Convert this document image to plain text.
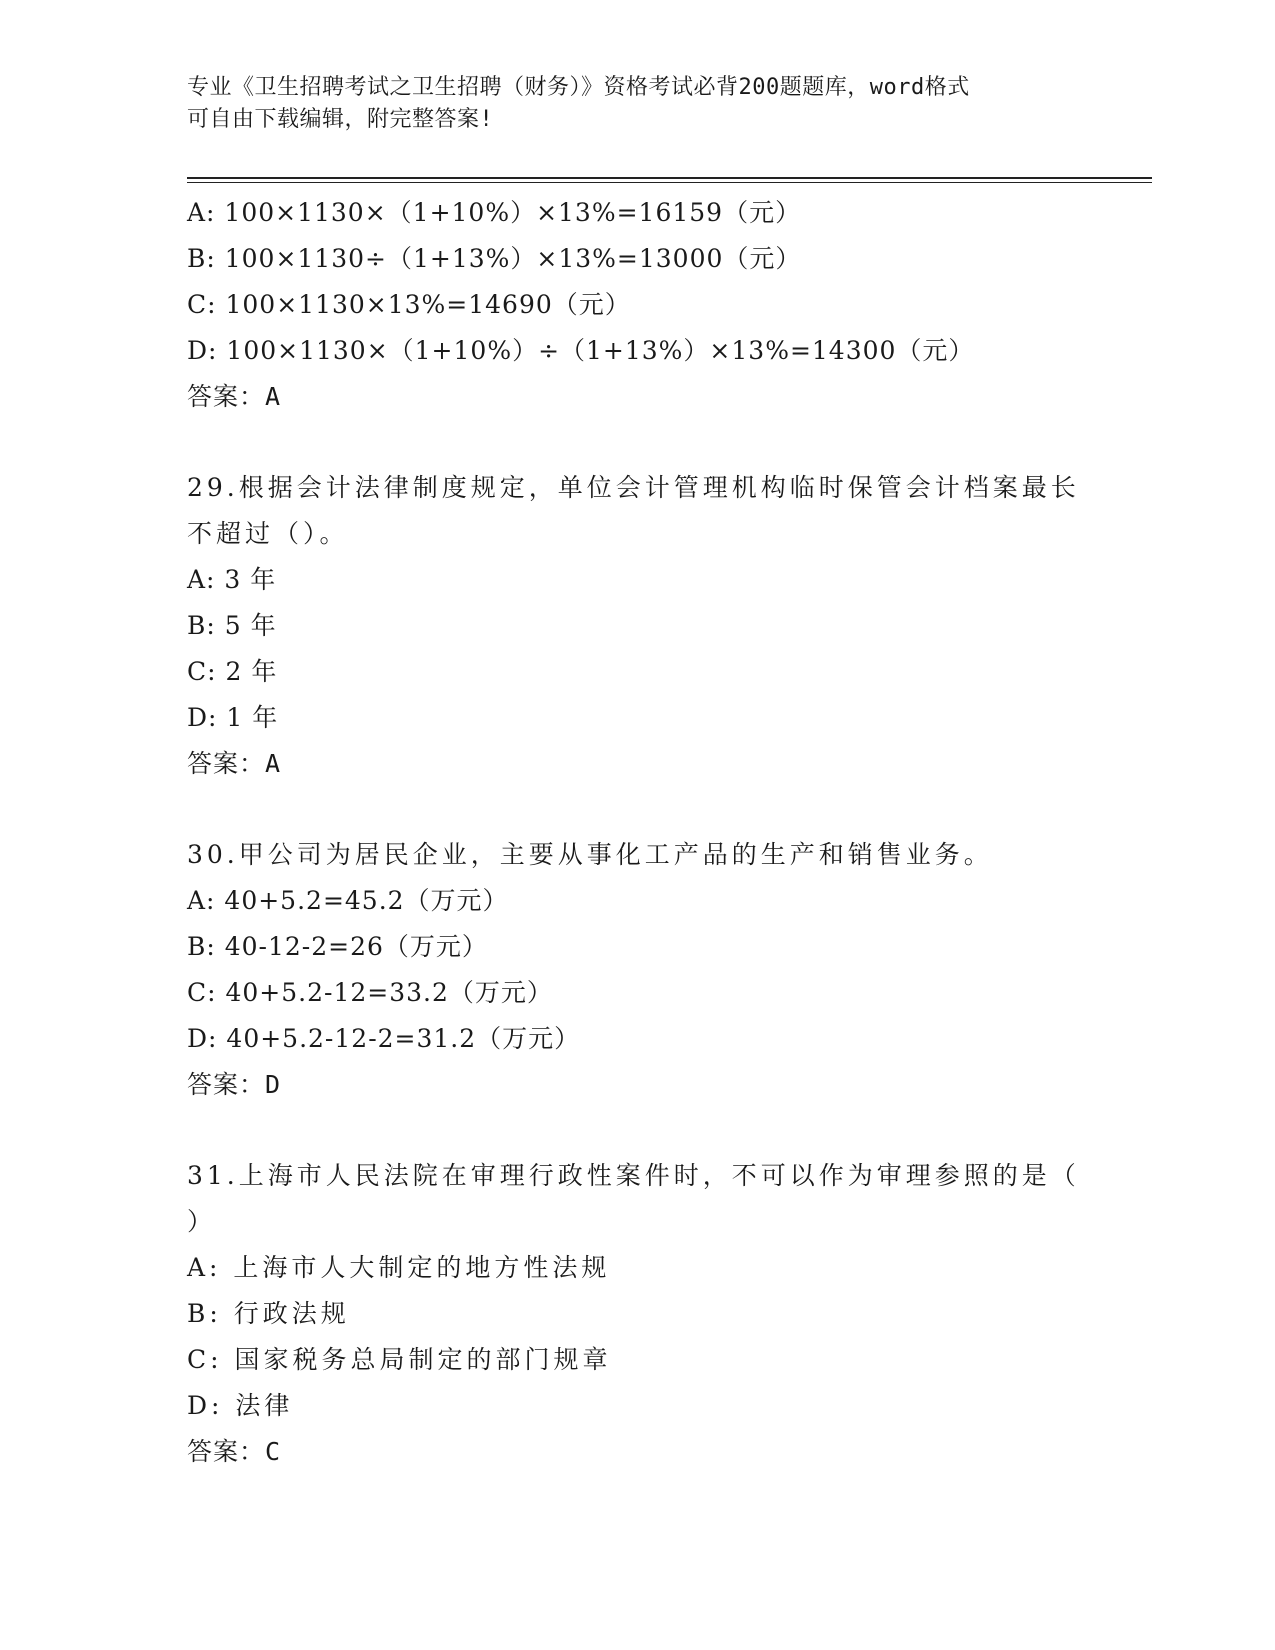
专业《卫生招聘考试之卫生招聘（财务）》资格考试必背200题题库，word格式
可自由下载编辑，附完整答案!
A: 100×1130×（1+10%）×13%=16159（元）
B: 100×1130÷（1+13%）×13%=13000（元）
C: 100×1130×13%=14690（元）
D: 100×1130×（1+10%）÷（1+13%）×13%=14300（元）
答案：A
29.根据会计法律制度规定，单位会计管理机构临时保管会计档案最长
不超过（）。
A: 3 年
B: 5 年
C: 2 年
D: 1 年
答案：A
30.甲公司为居民企业，主要从事化工产品的生产和销售业务。
A: 40+5.2=45.2（万元）
B: 40-12-2=26（万元）
C: 40+5.2-12=33.2（万元）
D: 40+5.2-12-2=31.2（万元）
答案：D
31.上海市人民法院在审理行政性案件时，不可以作为审理参照的是（
）
A: 上海市人大制定的地方性法规
B: 行政法规
C: 国家税务总局制定的部门规章
D: 法律
答案：C
